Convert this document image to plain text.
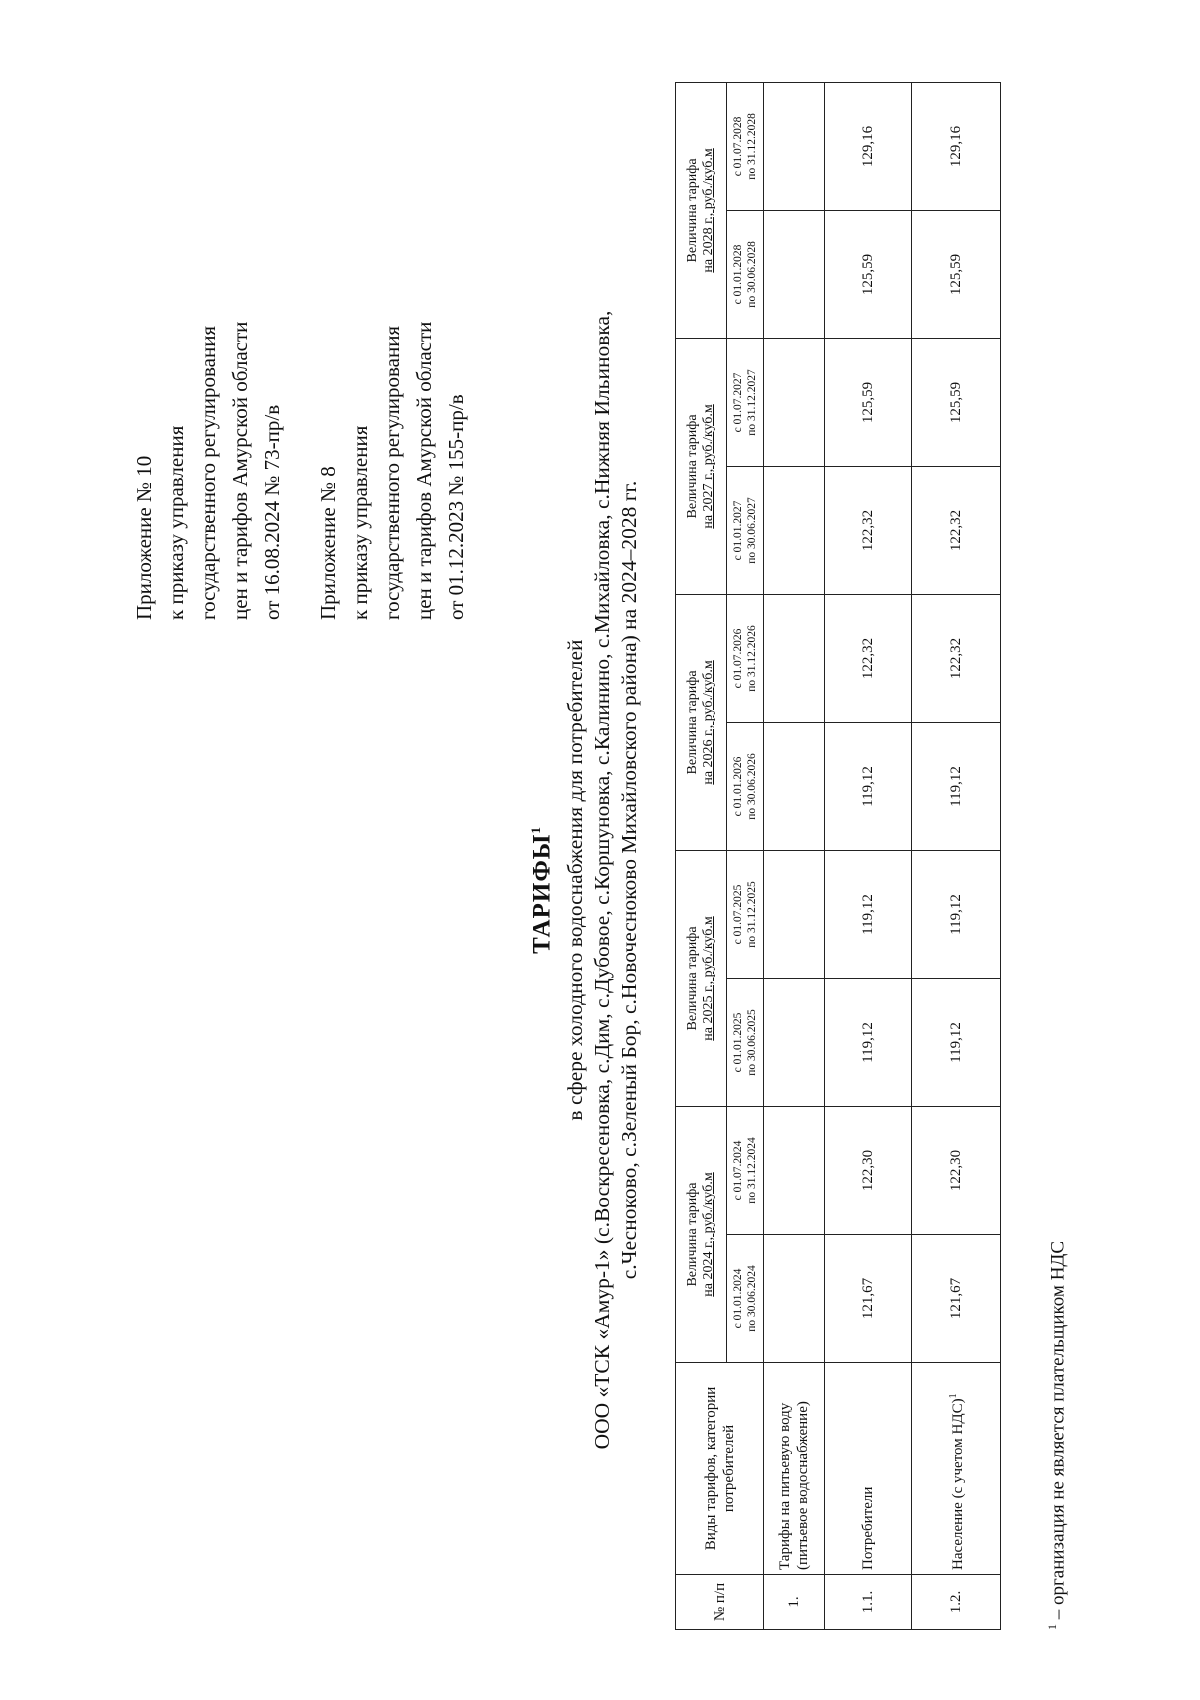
Приложение № 10 к приказу управления государственного регулирования цен и тарифов Амурской области от 16.08.2024 № 73-пр/в Приложение № 8 к приказу управления государственного регулирования цен и тарифов Амурской области от 01.12.2023 № 155-пр/в
ТАРИФЫ$^1$ в сфере холодного водоснабжения для потребителей ООО «ТСК «Амур-1» (с.Воскресеновка, с.Дим, с.Дубовое, с.Коршуновка, с.Калинино, с.Михайловка, с.Нижняя Ильиновка, с.Чесноково, с.Зеленый Бор, с.Новочесноково Михайловского района) на 2024–2028 гг.
№ п/п	Виды тарифов, категории потребителей	Величина тарифа на 2024 г., руб./куб.м		Величина тарифа на 2025 г., руб./куб.м		Величина тарифа на 2026 г., руб./куб.м		Величина тарифа на 2027 г., руб./куб.м		Величина тарифа на 2028 г., руб./куб.м	

		с 01.01.2024 по 30.06.2024	с 01.07.2024 по 31.12.2024	с 01.01.2025 по 30.06.2025	с 01.07.2025 по 31.12.2025	с 01.01.2026 по 30.06.2026	с 01.07.2026 по 31.12.2026	с 01.01.2027 по 30.06.2027	с 01.07.2027 по 31.12.2027	с 01.01.2028 по 30.06.2028	с 01.07.2028 по 31.12.2028

1.	Тарифы на питьевую воду (питьевое водоснабжение)										
1.1.	Потребители	121,67	122,30	119,12	119,12	119,12	122,32	122,32	125,59	125,59	129,16
1.2.	Население (с учетом НДС)$^1$	121,67	122,30	119,12	119,12	119,12	122,32	122,32	125,59	125,59	129,16
$^1$ – организация не является плательщиком НДС
